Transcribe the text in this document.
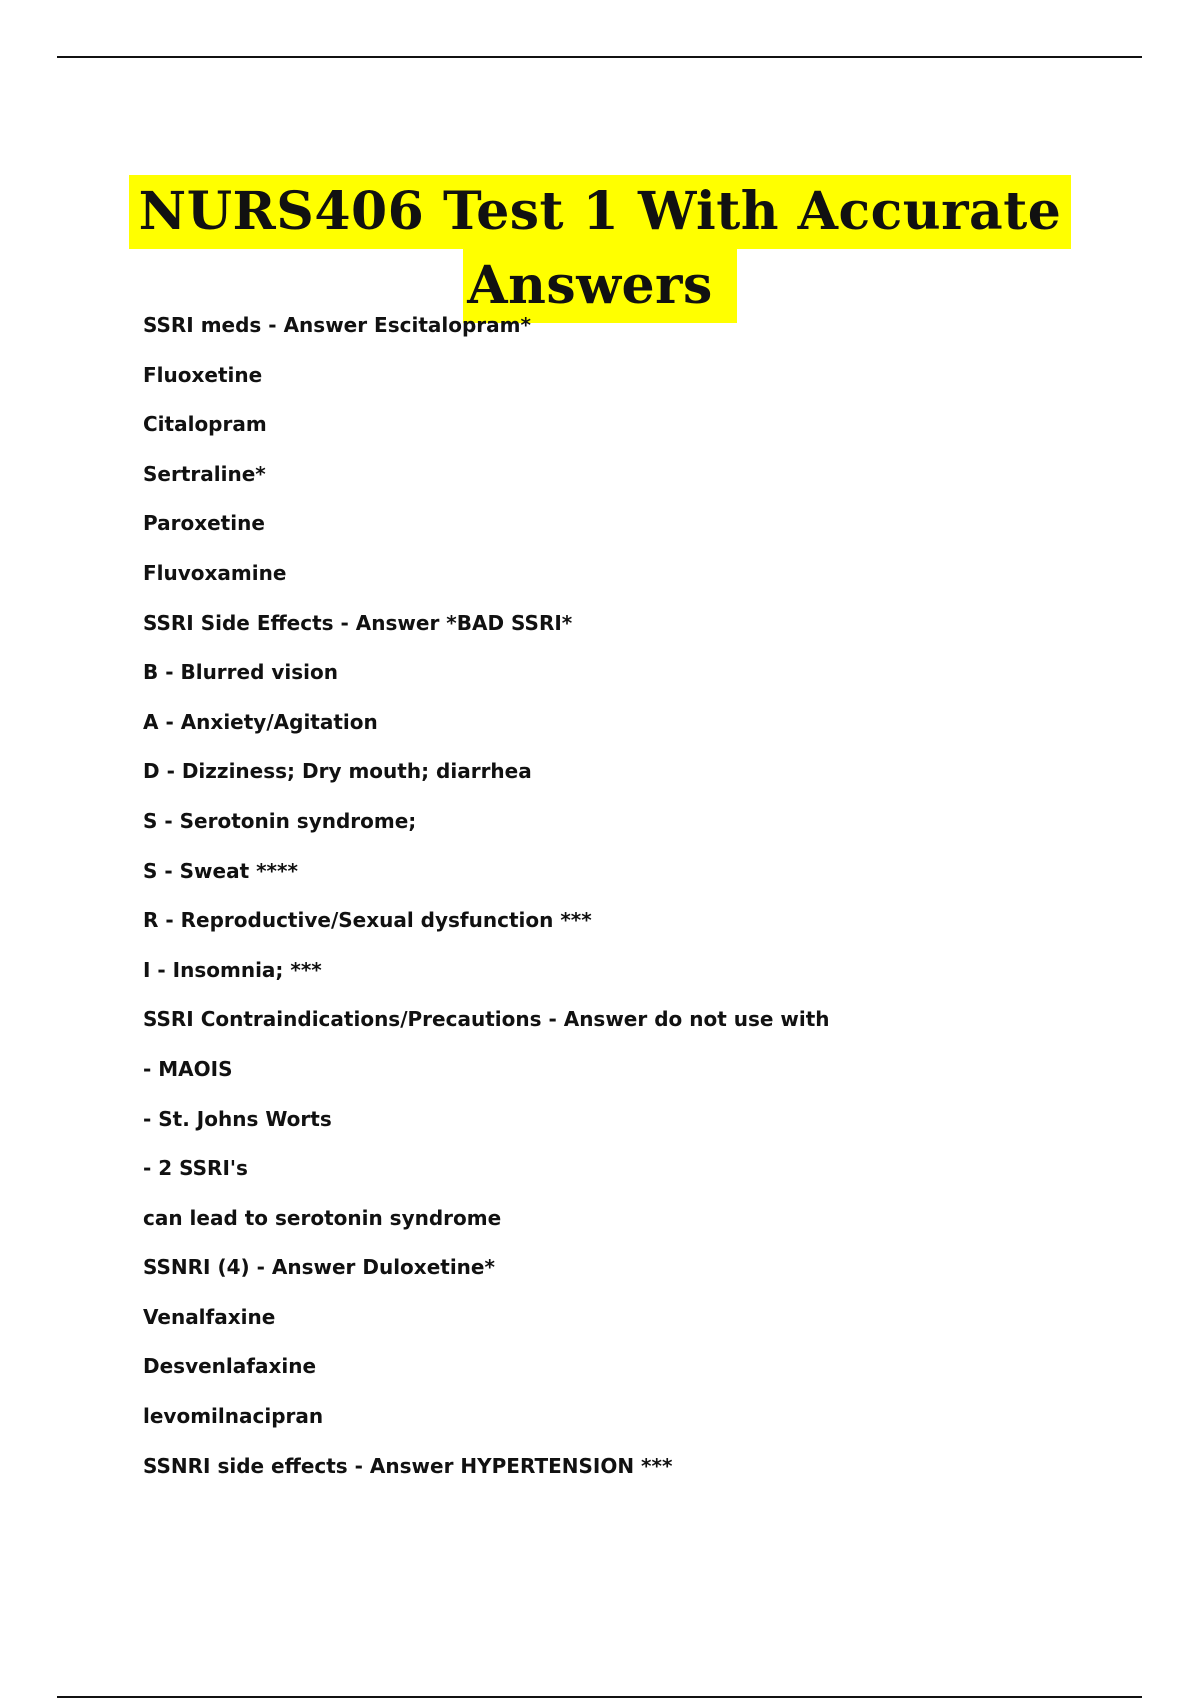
NURS406 Test 1 With Accurate
Answers
SSRI meds - Answer Escitalopram*
Fluoxetine
Citalopram
Sertraline*
Paroxetine
Fluvoxamine
SSRI Side Effects - Answer *BAD SSRI*
B - Blurred vision
A - Anxiety/Agitation
D - Dizziness; Dry mouth; diarrhea
S - Serotonin syndrome;
S - Sweat ****
R - Reproductive/Sexual dysfunction ***
I - Insomnia; ***
SSRI Contraindications/Precautions - Answer do not use with
- MAOIS
- St. Johns Worts
- 2 SSRI's
can lead to serotonin syndrome
SSNRI (4) - Answer Duloxetine*
Venalfaxine
Desvenlafaxine
levomilnacipran
SSNRI side effects - Answer HYPERTENSION ***
